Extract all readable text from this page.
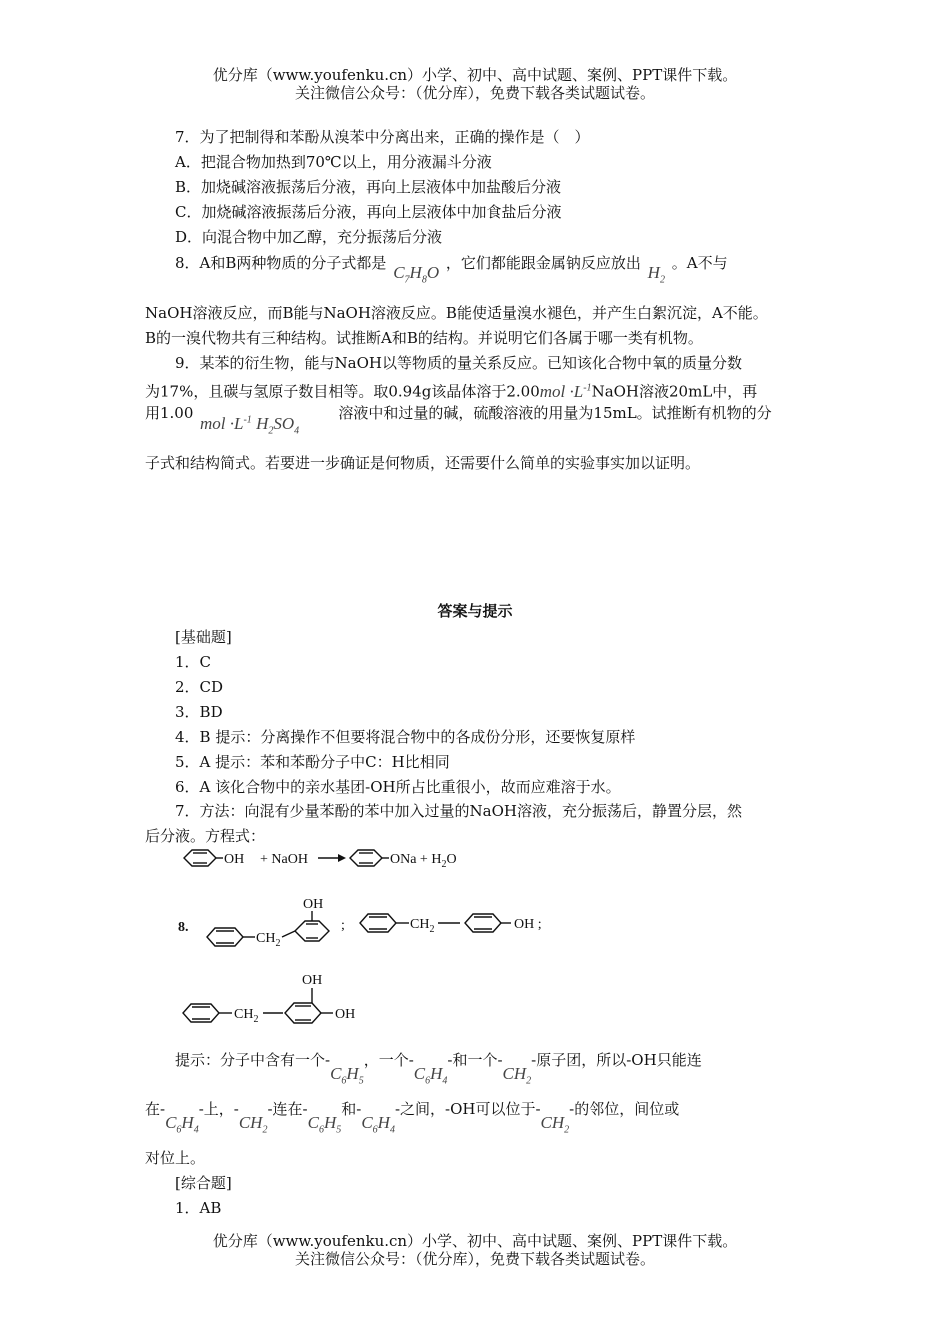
优分库（www.youfenku.cn）小学、初中、高中试题、案例、PPT课件下载。
关注微信公众号：（优分库），免费下载各类试题试卷。
7．为了把制得和苯酚从溴苯中分离出来，正确的操作是（　）
A．把混合物加热到70℃以上，用分液漏斗分液
B．加烧碱溶液振荡后分液，再向上层液体中加盐酸后分液
C．加烧碱溶液振荡后分液，再向上层液体中加食盐后分液
D．向混合物中加乙醇，充分振荡后分液
8．A和B两种物质的分子式都是 $C_7H_8O$ ，它们都能跟金属钠反应放出 $H_2$ 。A不与
NaOH溶液反应，而B能与NaOH溶液反应。B能使适量溴水褪色，并产生白絮沉淀，A不能。
B的一溴代物共有三种结构。试推断A和B的结构。并说明它们各属于哪一类有机物。
9．某苯的衍生物，能与NaOH以等物质的量关系反应。已知该化合物中氧的质量分数
为17%，且碳与氢原子数目相等。取0.94g该晶体溶于$2.00mol \cdot L^{-1}NaOH$溶液20mL中，再
用1.00	溶液中和过量的碱，硫酸溶液的用量为15mL。试推断有机物的分
mol $\cdot L^{-1}$ $H_2SO_4$
子式和结构简式。若要进一步确证是何物质，还需要什么简单的实验事实加以证明。
答案与提示
[基础题]
1．C
2．CD
3．BD
4．B 提示：分离操作不但要将混合物中的各成份分形，还要恢复原样
5．A 提示：苯和苯酚分子中C：H比相同
6．A 该化合物中的亲水基团-OH所占比重很小，故而应难溶于水。
7．方法：向混有少量苯酚的苯中加入过量的NaOH溶液，充分振荡后，静置分层，然
后分液。方程式：
OH + NaOH	ONa + $H_2O$
8.
$CH_2$
OH
;	$CH_2$	OH ;
$CH_2$
OH
OH
提示：分子中含有一个$-C_6H_5$，一个$-C_6H_4-$和一个$-CH_2-$原子团，所以-OH只能连
在$-C_6H_4-$上，$-CH_2-$连在$-C_6H_5$和$-C_6H_4-$之间，-OH可以位于$-CH_2-$的邻位，间位或
对位上。
[综合题]
1．AB
优分库（www.youfenku.cn）小学、初中、高中试题、案例、PPT课件下载。
关注微信公众号：（优分库），免费下载各类试题试卷。
